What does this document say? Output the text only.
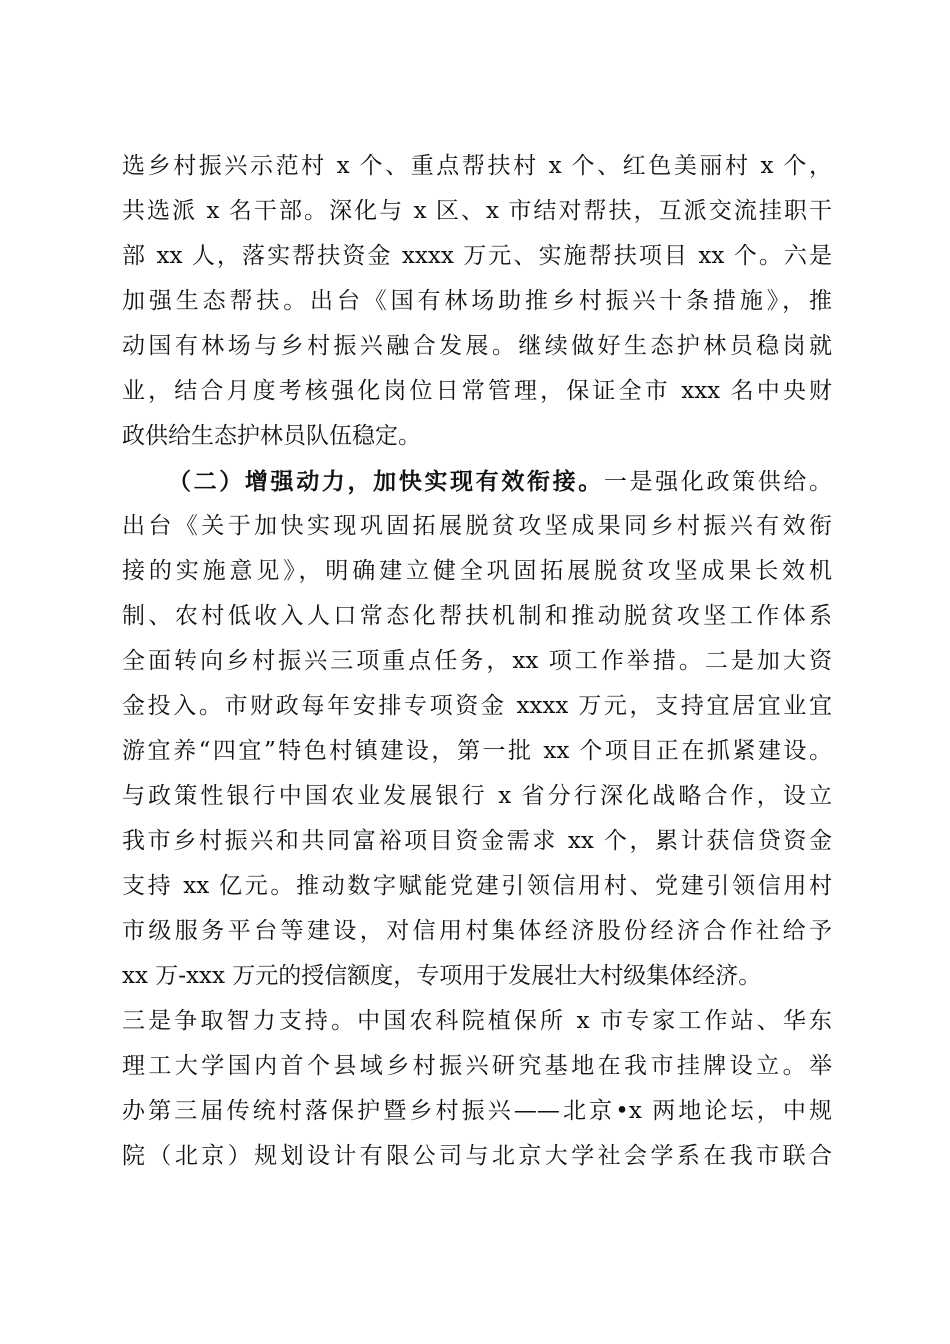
选乡村振兴示范村 x 个、重点帮扶村 x 个、红色美丽村 x 个，
共选派 x 名干部。深化与 x 区、x 市结对帮扶，互派交流挂职干
部 xx 人，落实帮扶资金 xxxx 万元、实施帮扶项目 xx 个。六是
加强生态帮扶。出台《国有林场助推乡村振兴十条措施》，推
动国有林场与乡村振兴融合发展。继续做好生态护林员稳岗就
业，结合月度考核强化岗位日常管理，保证全市 xxx 名中央财
政供给生态护林员队伍稳定。
（二）增强动力，加快实现有效衔接。一是强化政策供给。
出台《关于加快实现巩固拓展脱贫攻坚成果同乡村振兴有效衔
接的实施意见》，明确建立健全巩固拓展脱贫攻坚成果长效机
制、农村低收入人口常态化帮扶机制和推动脱贫攻坚工作体系
全面转向乡村振兴三项重点任务，xx 项工作举措。二是加大资
金投入。市财政每年安排专项资金 xxxx 万元，支持宜居宜业宜
游宜养“四宜”特色村镇建设，第一批 xx 个项目正在抓紧建设。
与政策性银行中国农业发展银行 x 省分行深化战略合作，设立
我市乡村振兴和共同富裕项目资金需求 xx 个，累计获信贷资金
支持 xx 亿元。推动数字赋能党建引领信用村、党建引领信用村
市级服务平台等建设，对信用村集体经济股份经济合作社给予
xx 万-xxx 万元的授信额度，专项用于发展壮大村级集体经济。
三是争取智力支持。中国农科院植保所 x 市专家工作站、华东
理工大学国内首个县域乡村振兴研究基地在我市挂牌设立。举
办第三届传统村落保护暨乡村振兴——北京•x 两地论坛，中规
院（北京）规划设计有限公司与北京大学社会学系在我市联合
